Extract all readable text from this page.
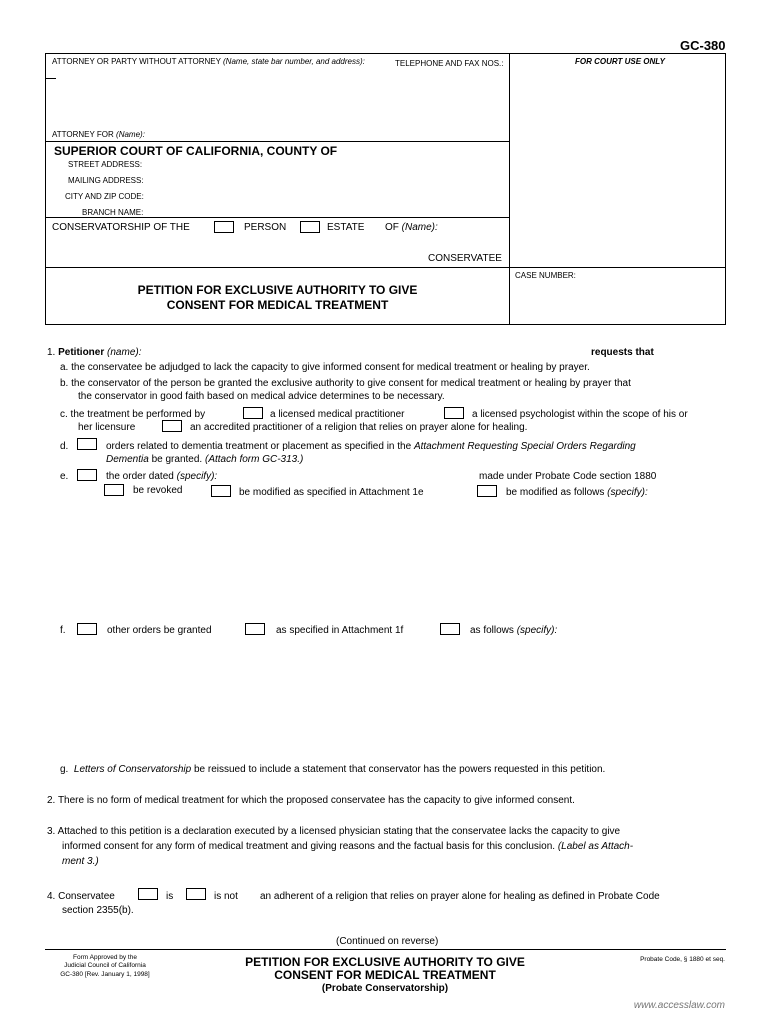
GC-380
ATTORNEY OR PARTY WITHOUT ATTORNEY (Name, state bar number, and address):	TELEPHONE AND FAX NOS.:	FOR COURT USE ONLY
ATTORNEY FOR (Name):
SUPERIOR COURT OF CALIFORNIA, COUNTY OF
STREET ADDRESS:
MAILING ADDRESS:
CITY AND ZIP CODE:
BRANCH NAME:
CONSERVATORSHIP OF THE	PERSON	ESTATE OF (Name):
CONSERVATEE
CASE NUMBER:
PETITION FOR EXCLUSIVE AUTHORITY TO GIVE
CONSENT FOR MEDICAL TREATMENT
1. Petitioner (name):	requests that
a. the conservatee be adjudged to lack the capacity to give informed consent for medical treatment or healing by prayer.
b. the conservator of the person be granted the exclusive authority to give consent for medical treatment or healing by prayer that
the conservator in good faith based on medical advice determines to be necessary.
c. the treatment be performed by	a licensed medical practitioner	a licensed psychologist within the scope of his or
her licensure	an accredited practitioner of a religion that relies on prayer alone for healing.
d.	orders related to dementia treatment or placement as specified in the Attachment Requesting Special Orders Regarding
Dementia be granted. (Attach form GC-313.)
e.	the order dated (specify):	made under Probate Code section 1880
be revoked	be modified as specified in Attachment 1e	be modified as follows (specify):
f.	other orders be granted	as specified in Attachment 1f	as follows (specify):
g. Letters of Conservatorship be reissued to include a statement that conservator has the powers requested in this petition.
2. There is no form of medical treatment for which the proposed conservatee has the capacity to give informed consent.
3. Attached to this petition is a declaration executed by a licensed physician stating that the conservatee lacks the capacity to give
informed consent for any form of medical treatment and giving reasons and the factual basis for this conclusion. (Label as Attach-
ment 3.)
4. Conservatee	is	is not an adherent of a religion that relies on prayer alone for healing as defined in Probate Code
section 2355(b).
(Continued on reverse)
Form Approved by the
Judicial Council of California
GC-380 [Rev. January 1, 1998]
PETITION FOR EXCLUSIVE AUTHORITY TO GIVE
CONSENT FOR MEDICAL TREATMENT
(Probate Conservatorship)
Probate Code, § 1880 et seq.
www.accesslaw.com
